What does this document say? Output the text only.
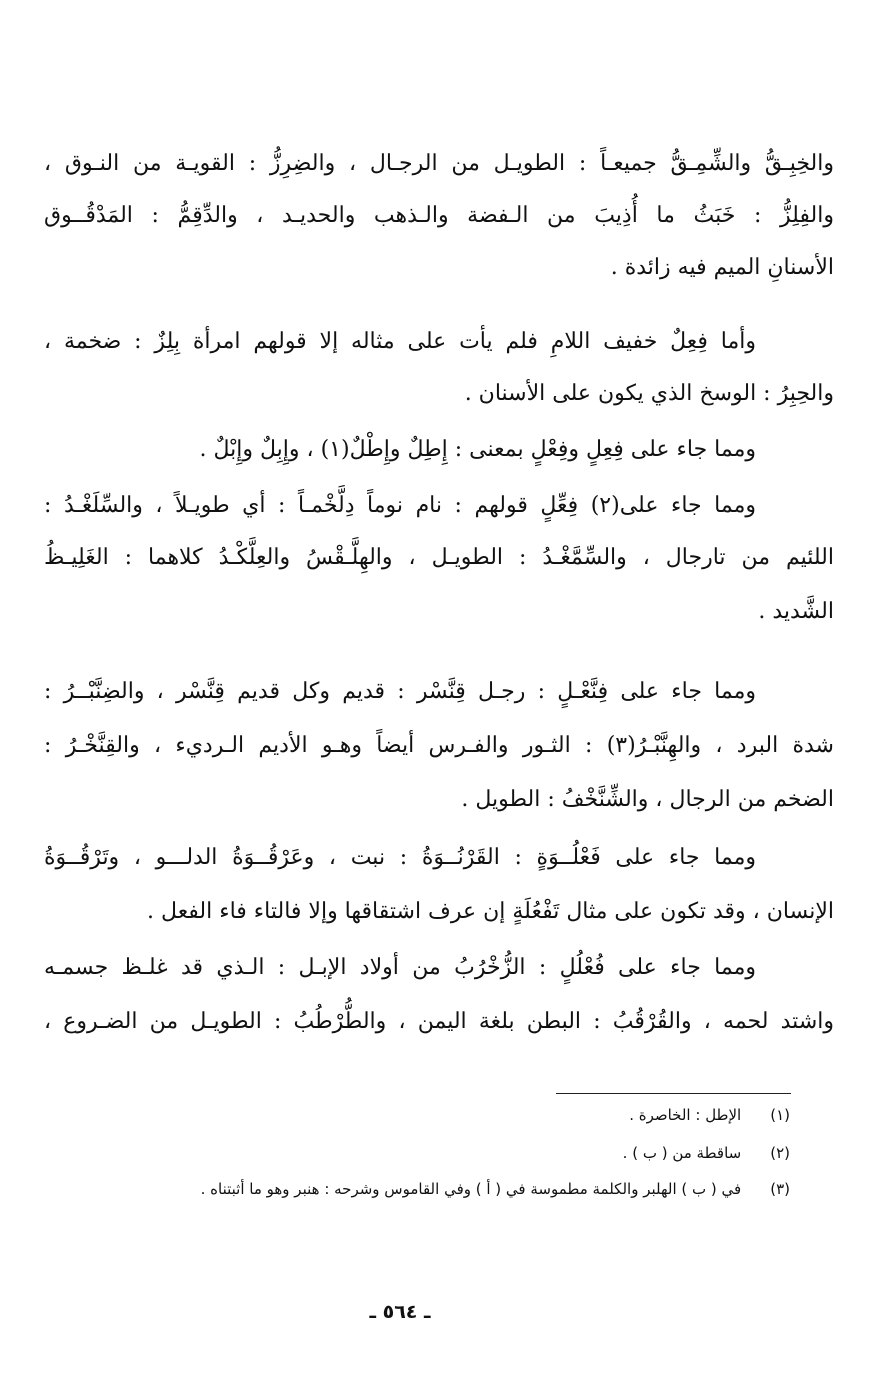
والخِبِـقُّ والشِّمِـقُّ جميعـاً : الطويـل من الرجـال ، والضِرِزُّ : القويـة من النـوق ،
والفِلِزُّ : خَبَثُ ما أُذِيبَ من الـفضة والـذهب والحديـد ، والدِّقِمُّ : المَدْقُــوق
الأسنانِ الميم فيه زائدة .
وأما فِعِلٌ خفيف اللامِ فلم يأت على مثاله إلا قولهم امرأة بِلِزٌ : ضخمة ،
والحِبِرُ : الوسخ الذي يكون على الأسنان .
ومما جاء على فِعِلٍ وفِعْلٍ بمعنى : إِطِلٌ وإِطْلٌ(١) ، وإِبِلٌ وإِبْلٌ .
ومما جاء على(٢) فِعِّلٍ قولهم : نام نوماً دِلَّخْمـاً : أي طويـلاً ، والسِّلَغْـدُ :
اللئيم من تارجال ، والسِّمَّغْـدُ : الطويـل ، والهِلَّـقْسُ والعِلَّكْـدُ كلاهما : الغَلِيـظُ
الشَّديد .
ومما جاء على فِنَّعْـلٍ : رجـل قِنَّسْر : قديم وكل قديم قِنَّسْر ، والضِنَّبْــرُ :
شدة البرد ، والهِنَّبْـرُ(٣) : الثـور والفـرس أيضاً وهـو الأديم الـرديء ، والقِنَّخْـرُ :
الضخم من الرجال ، والشِّنَّخْفُ : الطويل .
ومما جاء على فَعْلُــوَةٍ : القَرْنُــوَةُ : نبت ، وعَرْقُــوَةُ الدلـــو ، وتَرْقُــوَةُ
الإنسان ، وقد تكون على مثال تَفْعُلَةٍ إن عرف اشتقاقها وإلا فالتاء فاء الفعل .
ومما جاء على فُعْلُلٍ : الزُّخْرُبُ من أولاد الإبـل : الـذي قد غلـظ جسمـه
واشتد لحمه ، والقُرْقُبُ : البطن بلغة اليمن ، والطُّرْطُبُ : الطويـل من الضـروع ،
(١) الإطل : الخاصرة .
(٢) ساقطة من ( ب ) .
(٣) في ( ب ) الهلبر والكلمة مطموسة في ( أ ) وفي القاموس وشرحه : هنبر وهو ما أثبتناه .
ـ ٥٦٤ ـ
